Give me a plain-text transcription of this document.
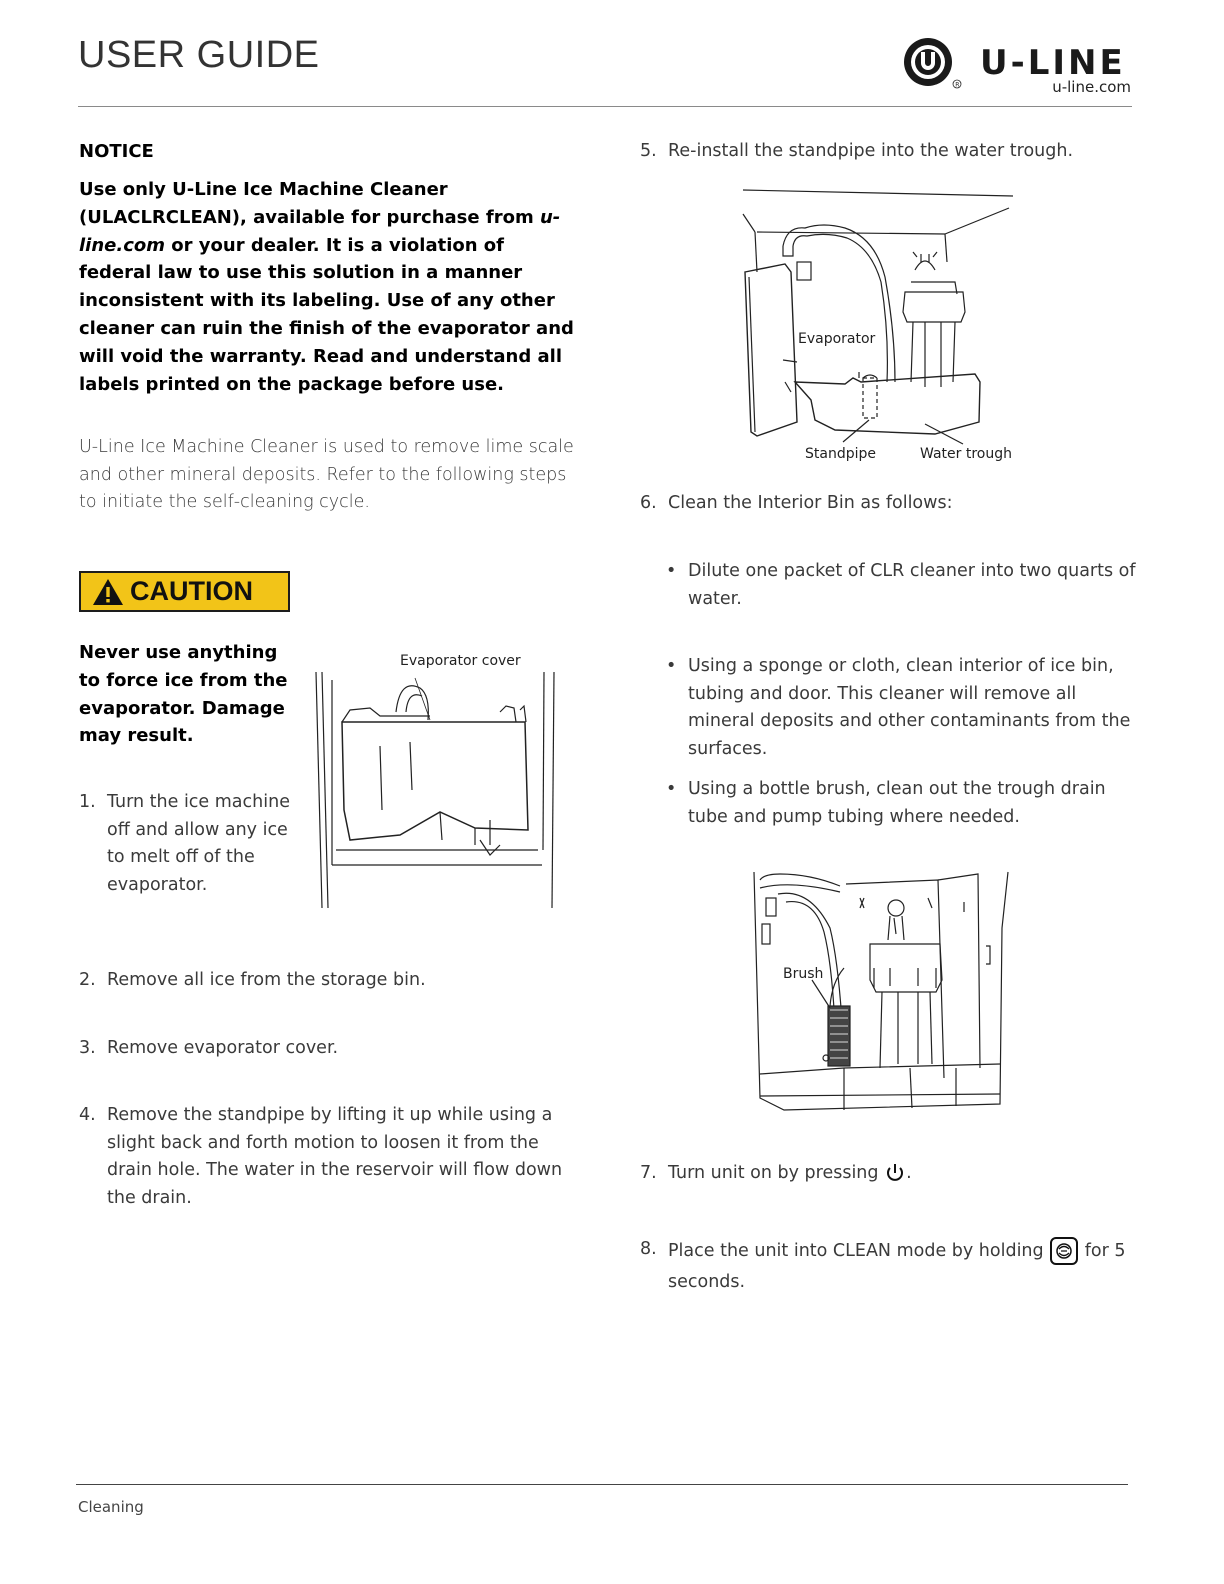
USER GUIDE
R
U-LINE
u-line.com
NOTICE
Use only U-Line Ice Machine Cleaner (ULACLRCLEAN), available for purchase from u-line.com or your dealer. It is a violation of federal law to use this solution in a manner inconsistent with its labeling. Use of any other cleaner can ruin the finish of the evaporator and will void the warranty. Read and understand all labels printed on the package before use.
U-Line Ice Machine Cleaner is used to remove lime scale and other mineral deposits. Refer to the following steps to initiate the self-cleaning cycle.
CAUTION
Never use anything to force ice from the evaporator. Damage may result.
Evaporator cover
1. Turn the ice machine off and allow any ice to melt off of the evaporator.
2. Remove all ice from the storage bin.
3. Remove evaporator cover.
4. Remove the standpipe by lifting it up while using a slight back and forth motion to loosen it from the drain hole. The water in the reservoir will flow down the drain.
5. Re-install the standpipe into the water trough.
Evaporator
Standpipe	Water trough
6. Clean the Interior Bin as follows:
• Dilute one packet of CLR cleaner into two quarts of water.
• Using a sponge or cloth, clean interior of ice bin, tubing and door. This cleaner will remove all mineral deposits and other contaminants from the surfaces.
• Using a bottle brush, clean out the trough drain tube and pump tubing where needed.
Brush
7. Turn unit on by pressing .
8. Place the unit into CLEAN mode by holding  for 5 seconds.
Cleaning
